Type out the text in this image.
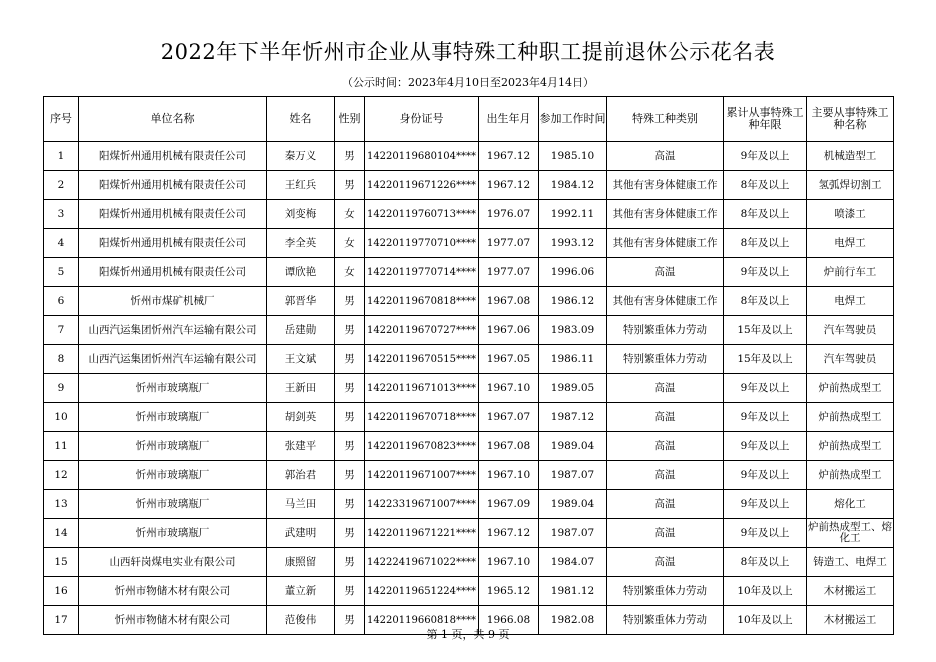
2022年下半年忻州市企业从事特殊工种职工提前退休公示花名表
（公示时间：2023年4月10日至2023年4月14日）
序号	单位名称	姓名	性别	身份证号	出生年月	参加工作时间	特殊工种类别	累计从事特殊工种年限	主要从事特殊工种名称
1	阳煤忻州通用机械有限责任公司	秦万义	男	14220119680104****	1967.12	1985.10	高温	9年及以上	机械造型工
2	阳煤忻州通用机械有限责任公司	王红兵	男	14220119671226****	1967.12	1984.12	其他有害身体健康工作	8年及以上	氢弧焊切割工
3	阳煤忻州通用机械有限责任公司	刘变梅	女	14220119760713****	1976.07	1992.11	其他有害身体健康工作	8年及以上	喷漆工
4	阳煤忻州通用机械有限责任公司	李全英	女	14220119770710****	1977.07	1993.12	其他有害身体健康工作	8年及以上	电焊工
5	阳煤忻州通用机械有限责任公司	谭欣艳	女	14220119770714****	1977.07	1996.06	高温	9年及以上	炉前行车工
6	忻州市煤矿机械厂	郭晋华	男	14220119670818****	1967.08	1986.12	其他有害身体健康工作	8年及以上	电焊工
7	山西汽运集团忻州汽车运输有限公司	岳建勋	男	14220119670727****	1967.06	1983.09	特别繁重体力劳动	15年及以上	汽车驾驶员
8	山西汽运集团忻州汽车运输有限公司	王文斌	男	14220119670515****	1967.05	1986.11	特别繁重体力劳动	15年及以上	汽车驾驶员
9	忻州市玻璃瓶厂	王新田	男	14220119671013****	1967.10	1989.05	高温	9年及以上	炉前热成型工
10	忻州市玻璃瓶厂	胡剑英	男	14220119670718****	1967.07	1987.12	高温	9年及以上	炉前热成型工
11	忻州市玻璃瓶厂	张建平	男	14220119670823****	1967.08	1989.04	高温	9年及以上	炉前热成型工
12	忻州市玻璃瓶厂	郭治君	男	14220119671007****	1967.10	1987.07	高温	9年及以上	炉前热成型工
13	忻州市玻璃瓶厂	马兰田	男	14223319671007****	1967.09	1989.04	高温	9年及以上	熔化工
14	忻州市玻璃瓶厂	武建明	男	14220119671221****	1967.12	1987.07	高温	9年及以上	炉前热成型工、熔化工
15	山西轩岗煤电实业有限公司	康照留	男	14222419671022****	1967.10	1984.07	高温	8年及以上	铸造工、电焊工
16	忻州市物储木材有限公司	董立新	男	14220119651224****	1965.12	1981.12	特别繁重体力劳动	10年及以上	木材搬运工
17	忻州市物储木材有限公司	范俊伟	男	14220119660818****	1966.08	1982.08	特别繁重体力劳动	10年及以上	木材搬运工
第 1 页，共 9 页
